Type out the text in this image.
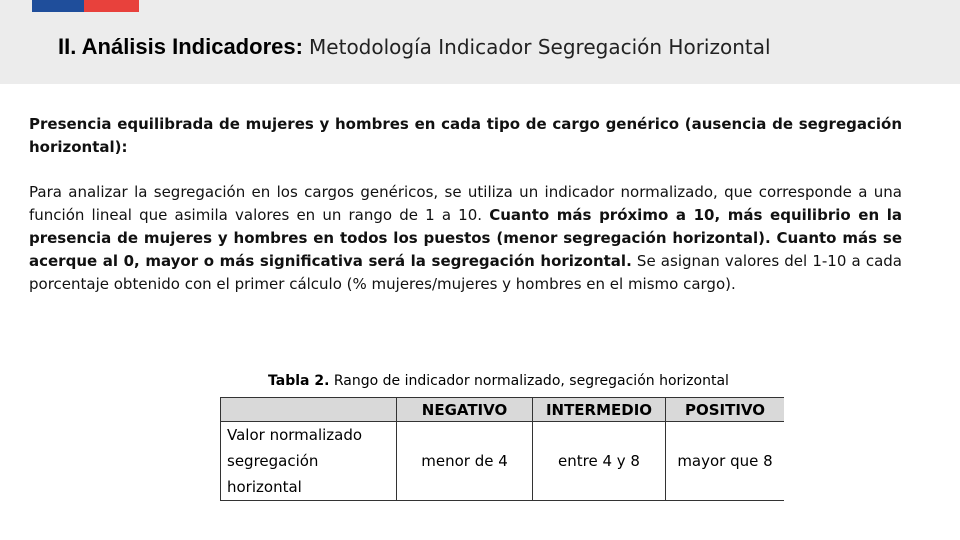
II. Análisis Indicadores: Metodología Indicador Segregación Horizontal
Presencia equilibrada de mujeres y hombres en cada tipo de cargo genérico (ausencia de segregación horizontal):
Para analizar la segregación en los cargos genéricos, se utiliza un indicador normalizado, que corresponde a una función lineal que asimila valores en un rango de 1 a 10. Cuanto más próximo a 10, más equilibrio en la presencia de mujeres y hombres en todos los puestos (menor segregación horizontal). Cuanto más se acerque al 0, mayor o más significativa será la segregación horizontal. Se asignan valores del 1-10 a cada porcentaje obtenido con el primer cálculo (% mujeres/mujeres y hombres en el mismo cargo).
Tabla 2. Rango de indicador normalizado, segregación horizontal
	NEGATIVO	INTERMEDIO	POSITIVO

Valor normalizado
segregación horizontal	menor de 4	entre 4 y 8	mayor que 8
